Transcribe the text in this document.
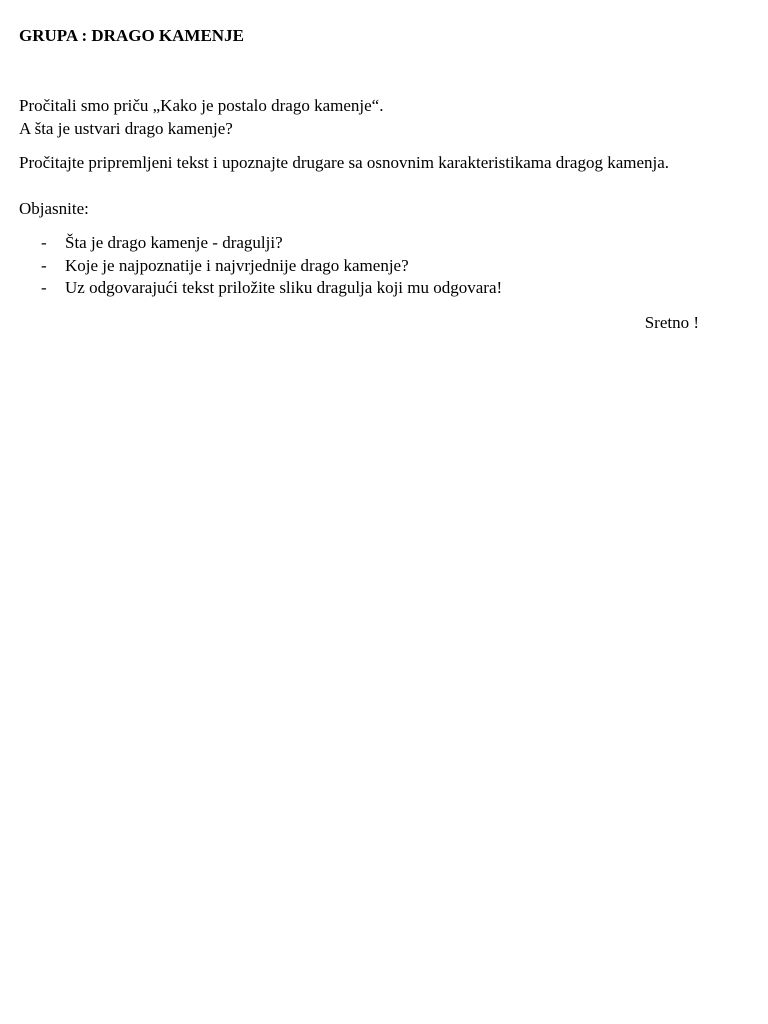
GRUPA : DRAGO KAMENJE

Pročitali smo priču „Kako je postalo drago kamenje“.

A šta je ustvari drago kamenje?

Pročitajte pripremljeni tekst i upoznajte drugare sa osnovnim karakteristikama dragog kamenja.

Objasnite:

- Šta je drago kamenje - dragulji?
- Koje je najpoznatije i najvrjednije drago kamenje?
- Uz odgovarajući tekst priložite sliku dragulja koji mu odgovara!

Sretno !
